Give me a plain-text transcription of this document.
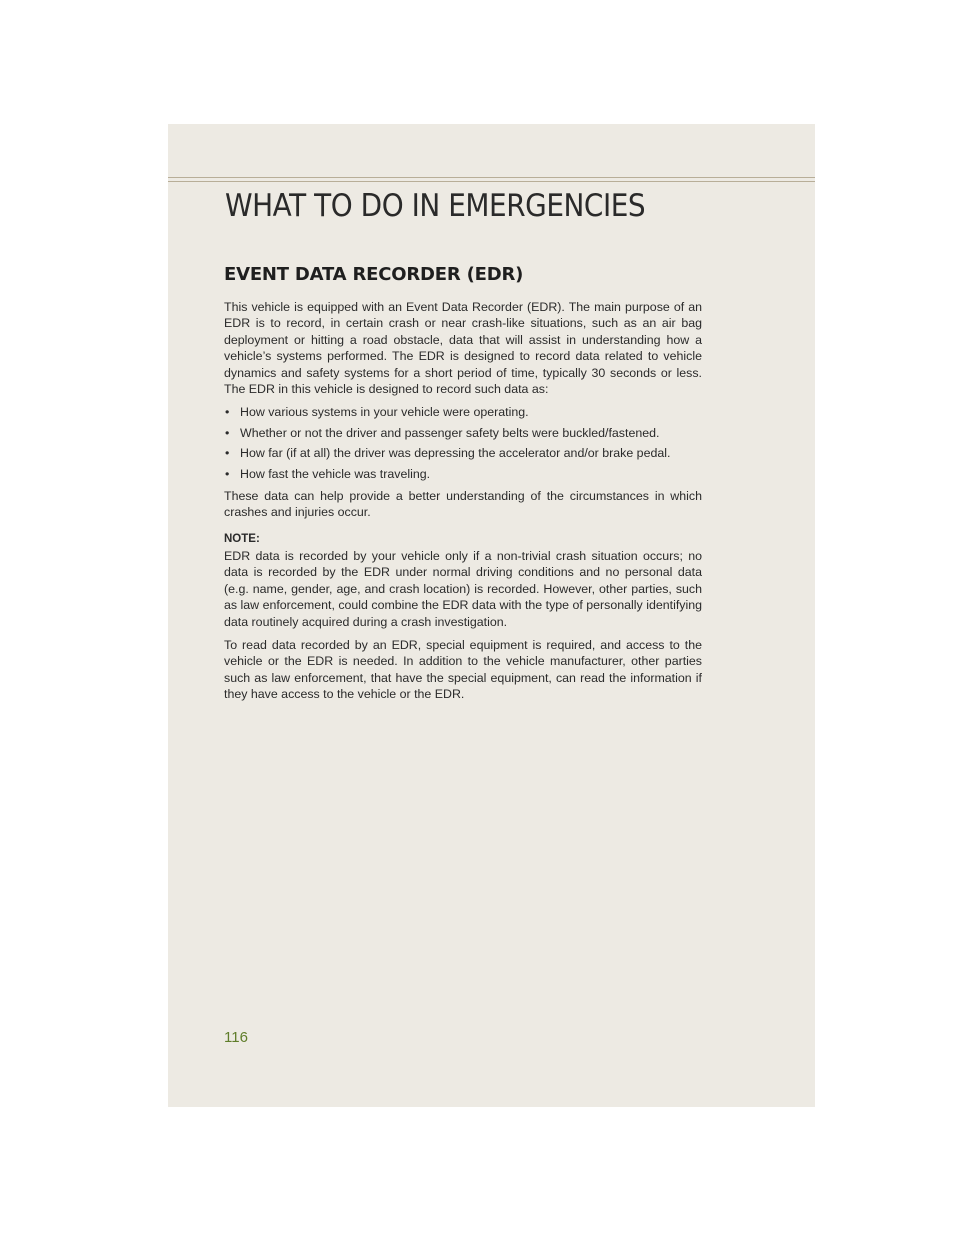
WHAT TO DO IN EMERGENCIES
EVENT DATA RECORDER (EDR)

This vehicle is equipped with an Event Data Recorder (EDR). The main purpose of an EDR is to record, in certain crash or near crash-like situations, such as an air bag deployment or hitting a road obstacle, data that will assist in understanding how a vehicle’s systems performed. The EDR is designed to record data related to vehicle dynamics and safety systems for a short period of time, typically 30 seconds or less. The EDR in this vehicle is designed to record such data as:

• How various systems in your vehicle were operating.
• Whether or not the driver and passenger safety belts were buckled/fastened.
• How far (if at all) the driver was depressing the accelerator and/or brake pedal.
• How fast the vehicle was traveling.

These data can help provide a better understanding of the circumstances in which crashes and injuries occur.

NOTE:

EDR data is recorded by your vehicle only if a non-trivial crash situation occurs; no data is recorded by the EDR under normal driving conditions and no personal data (e.g. name, gender, age, and crash location) is recorded. However, other parties, such as law enforcement, could combine the EDR data with the type of personally identifying data routinely acquired during a crash investigation.

To read data recorded by an EDR, special equipment is required, and access to the vehicle or the EDR is needed. In addition to the vehicle manufacturer, other parties such as law enforcement, that have the special equipment, can read the information if they have access to the vehicle or the EDR.

116
